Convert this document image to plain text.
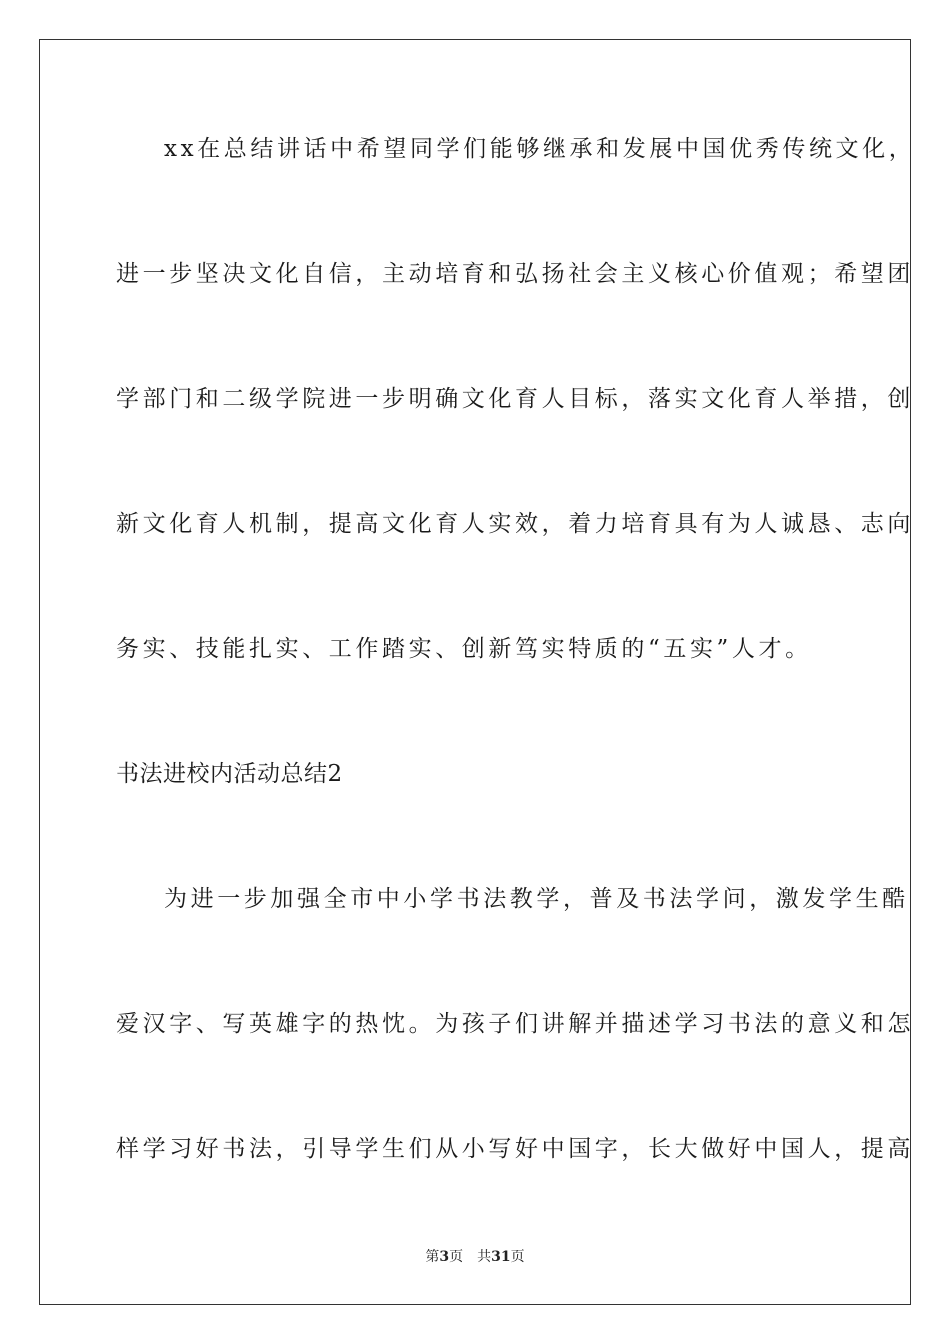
xx在总结讲话中希望同学们能够继承和发展中国优秀传统文化，
进一步坚决文化自信，主动培育和弘扬社会主义核心价值观；希望团
学部门和二级学院进一步明确文化育人目标，落实文化育人举措，创
新文化育人机制，提高文化育人实效，着力培育具有为人诚恳、志向
务实、技能扎实、工作踏实、创新笃实特质的“五实”人才。
书法进校内活动总结2
为进一步加强全市中小学书法教学，普及书法学问，激发学生酷
爱汉字、写英雄字的热忱。为孩子们讲解并描述学习书法的意义和怎
样学习好书法，引导学生们从小写好中国字，长大做好中国人，提高
第3页 共31页
